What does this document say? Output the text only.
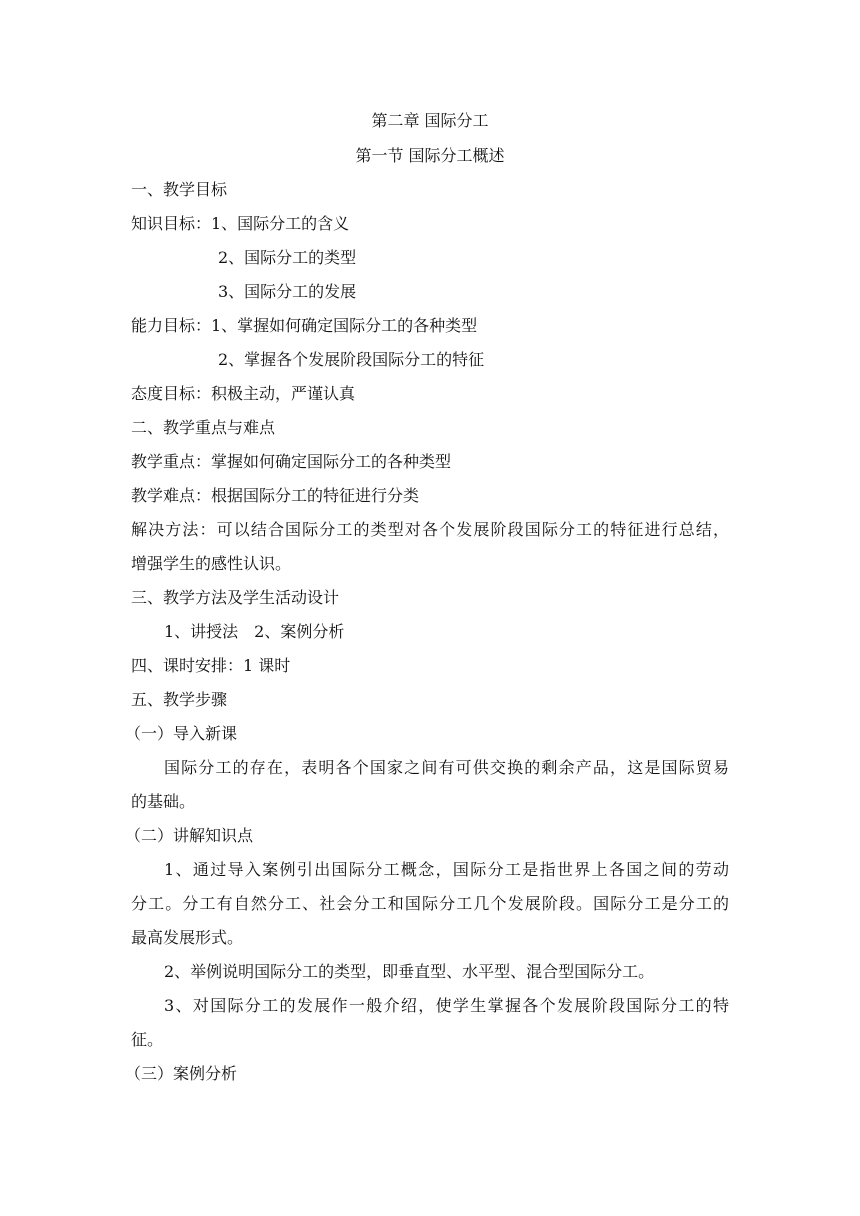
第二章 国际分工
第一节 国际分工概述
一、教学目标
知识目标：1、国际分工的含义
2、国际分工的类型
3、国际分工的发展
能力目标：1、掌握如何确定国际分工的各种类型
2、掌握各个发展阶段国际分工的特征
态度目标：积极主动，严谨认真
二、教学重点与难点
教学重点：掌握如何确定国际分工的各种类型
教学难点：根据国际分工的特征进行分类
解决方法：可以结合国际分工的类型对各个发展阶段国际分工的特征进行总结，
增强学生的感性认识。
三、教学方法及学生活动设计
1、讲授法　2、案例分析
四、课时安排：1 课时
五、教学步骤
（一）导入新课
国际分工的存在，表明各个国家之间有可供交换的剩余产品，这是国际贸易
的基础。
（二）讲解知识点
1、通过导入案例引出国际分工概念，国际分工是指世界上各国之间的劳动
分工。分工有自然分工、社会分工和国际分工几个发展阶段。国际分工是分工的
最高发展形式。
2、举例说明国际分工的类型，即垂直型、水平型、混合型国际分工。
3、对国际分工的发展作一般介绍，使学生掌握各个发展阶段国际分工的特
征。
（三）案例分析
